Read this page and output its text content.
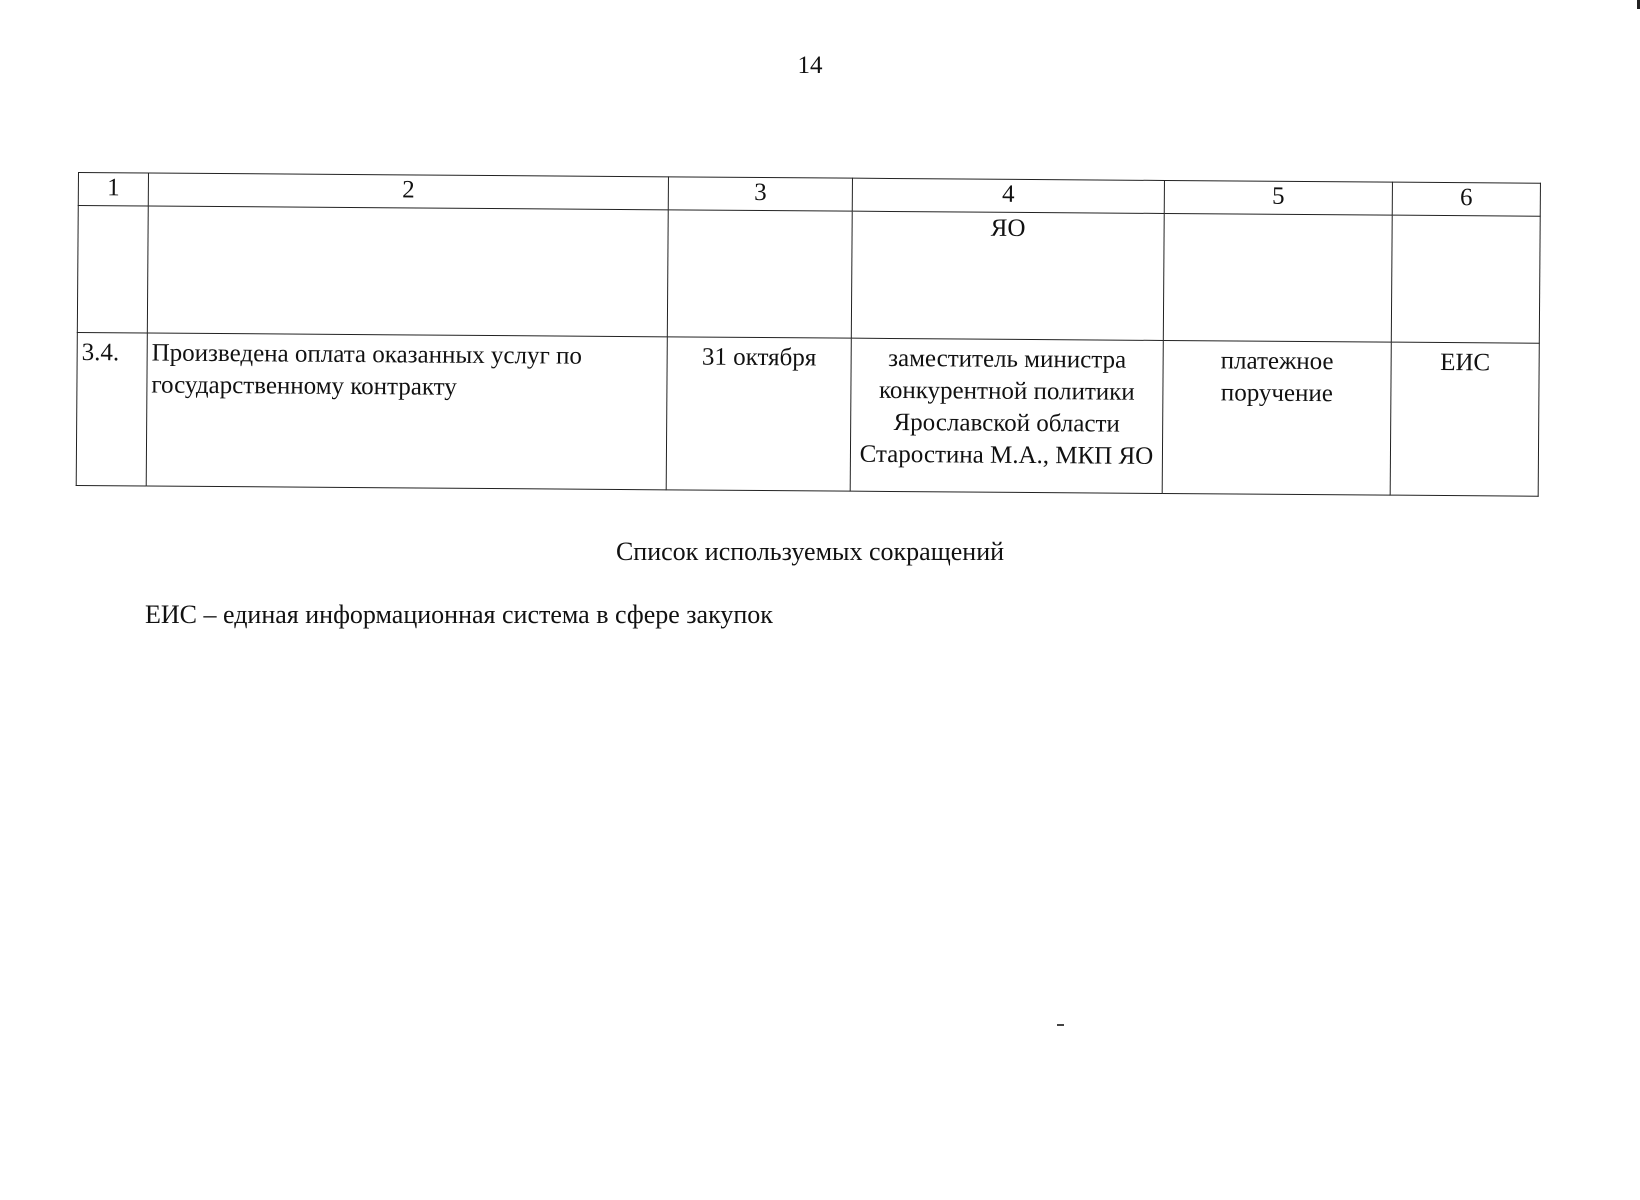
14
1	2	3	4	5	6
			ЯО		
3.4.	Произведена оплата оказанных услуг по государственному контракту	31 октября	заместитель министра конкурентной политики Ярославской области Старостина М.А., МКП ЯО	платежное поручение	ЕИС
Список используемых сокращений
ЕИС – единая информационная система в сфере закупок
